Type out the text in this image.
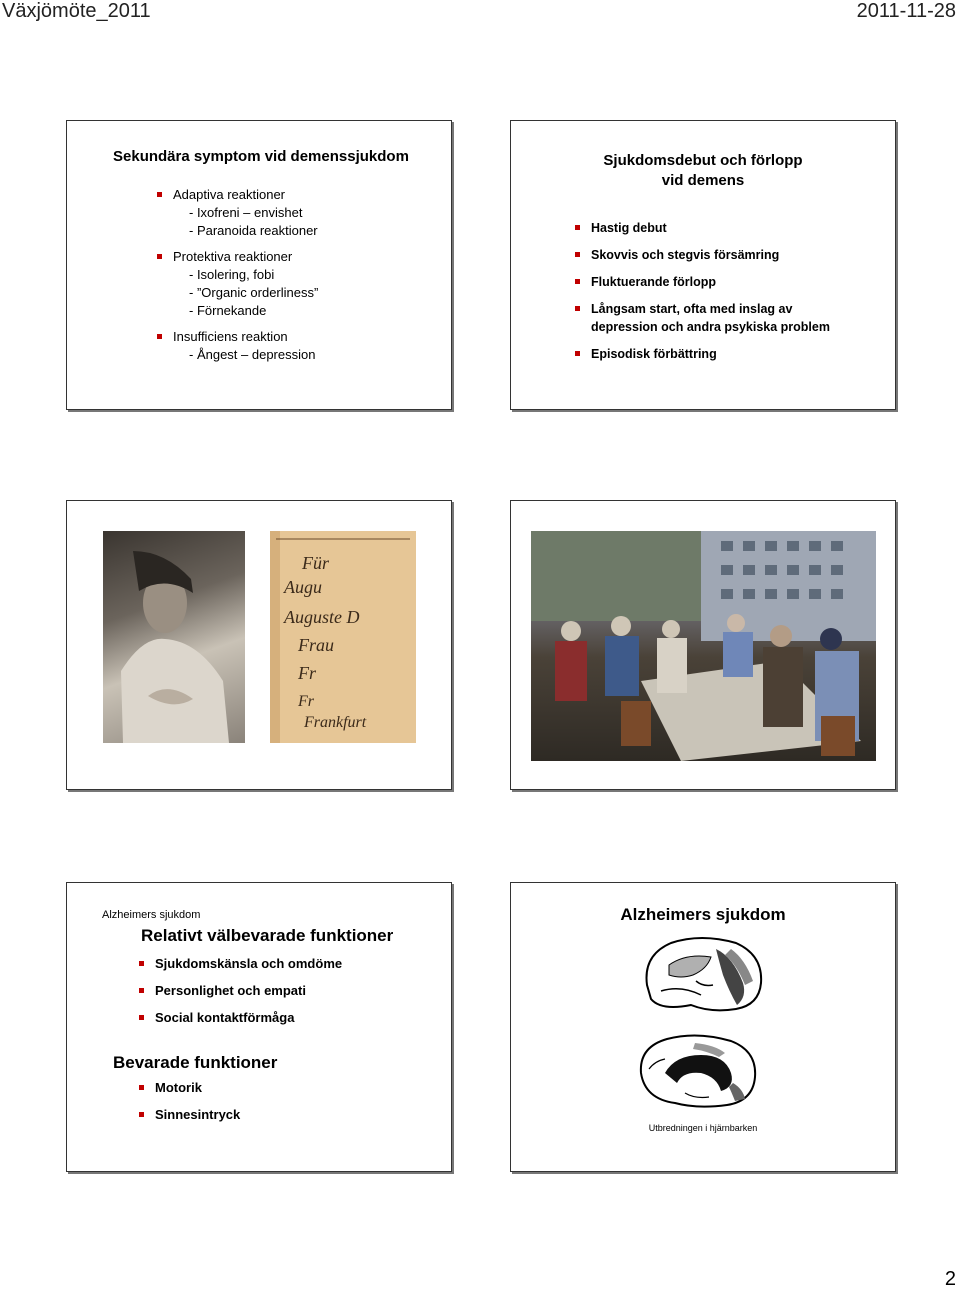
Växjömöte_2011	2011-11-28
Sekundära symptom vid demenssjukdom
Adaptiva reaktioner
- Ixofreni – envishet
- Paranoida reaktioner
Protektiva reaktioner
- Isolering, fobi
- ”Organic orderliness”
- Förnekande
Insufficiens reaktion
- Ångest – depression
Sjukdomsdebut och förlopp
vid demens
Hastig debut
Skovvis och stegvis försämring
Fluktuerande förlopp
Långsam start, ofta med inslag av
depression och andra psykiska problem
Episodisk förbättring
Für
Augu
Auguste D
Frau
Fr
Fr
Frankfurt
Alzheimers sjukdom
Relativt välbevarade funktioner
Sjukdomskänsla och omdöme
Personlighet och empati
Social kontaktförmåga
Bevarade funktioner
Motorik
Sinnesintryck
Alzheimers sjukdom
Utbredningen i hjärnbarken
2
